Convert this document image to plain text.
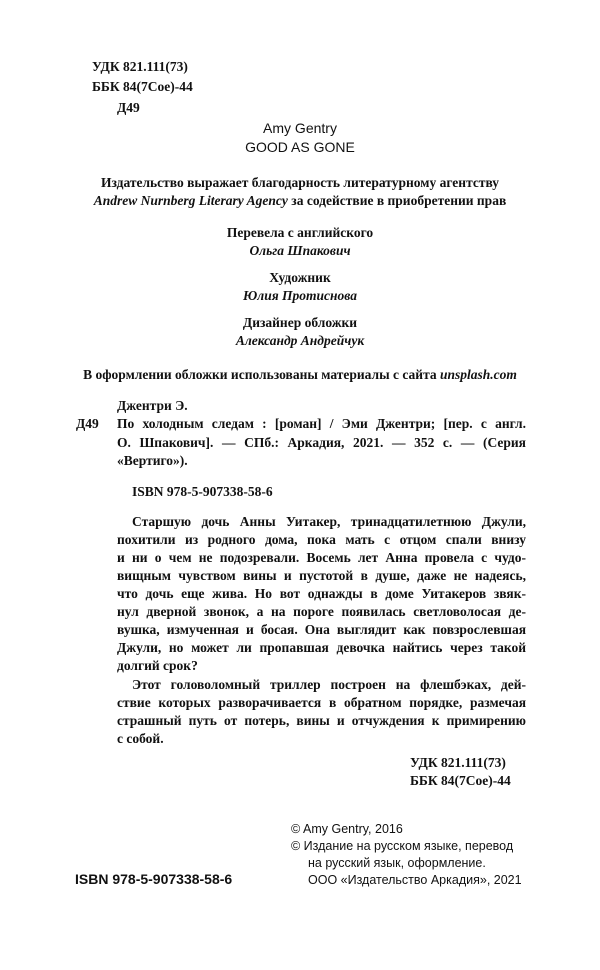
УДК 821.111(73)
ББК 84(7Сое)-44
Д49
Amy Gentry
GOOD AS GONE
Издательство выражает благодарность литературному агентству
Andrew Nurnberg Literary Agency за содействие в приобретении прав
Перевела с английского
Ольга Шпакович
Художник
Юлия Протиснова
Дизайнер обложки
Александр Андрейчук
В оформлении обложки использованы материалы с сайта unsplash.com
Джентри Э.
Д49 По холодным следам : [роман] / Эми Джентри; [пер. с англ.
О. Шпакович]. — СПб.: Аркадия, 2021. — 352 с. — (Серия
«Вертиго»).
ISBN 978-5-907338-58-6
Старшую дочь Анны Уитакер, тринадцатилетнюю Джули,
похитили из родного дома, пока мать с отцом спали внизу
и ни о чем не подозревали. Восемь лет Анна провела с чудо-
вищным чувством вины и пустотой в душе, даже не надеясь,
что дочь еще жива. Но вот однажды в доме Уитакеров звяк-
нул дверной звонок, а на пороге появилась светловолосая де-
вушка, измученная и босая. Она выглядит как повзрослевшая
Джули, но может ли пропавшая девочка найтись через такой
долгий срок?
Этот головоломный триллер построен на флешбэках, дей-
ствие которых разворачивается в обратном порядке, размечая
страшный путь от потерь, вины и отчуждения к примирению
с собой.
УДК 821.111(73)
ББК 84(7Сое)-44
© Amy Gentry, 2016
© Издание на русском языке, перевод
на русский язык, оформление.
ООО «Издательство Аркадия», 2021
ISBN 978-5-907338-58-6
